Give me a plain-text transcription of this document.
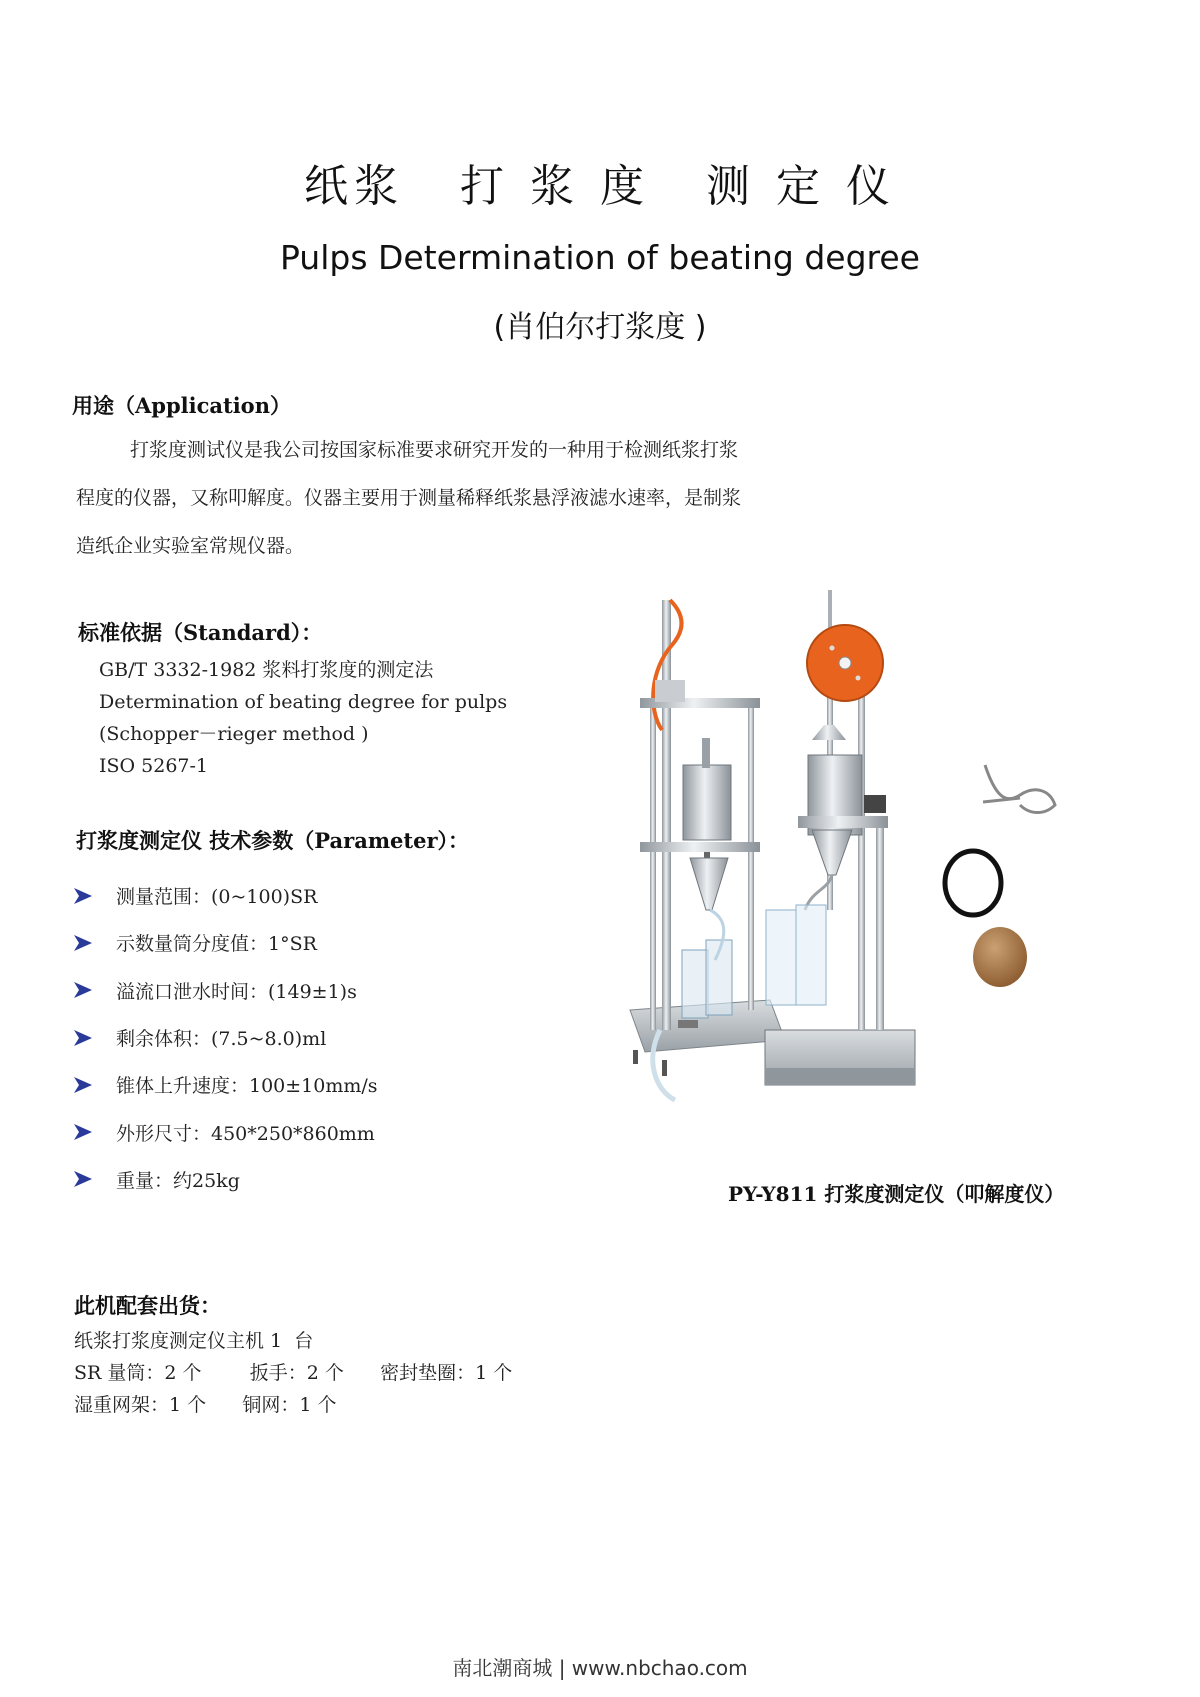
纸浆 打 浆 度 测 定 仪
Pulps Determination of beating degree
(肖伯尔打浆度 )
用途（Application）
打浆度测试仪是我公司按国家标准要求研究开发的一种用于检测纸浆打浆
程度的仪器，又称叩解度。仪器主要用于测量稀释纸浆悬浮液滤水速率，是制浆
造纸企业实验室常规仪器。
标准依据（Standard）：
GB/T 3332-1982 浆料打浆度的测定法
Determination of beating degree for pulps
(Schopper－rieger method )
ISO 5267-1
打浆度测定仪 技术参数（Parameter）：
测量范围：(0~100)SR
示数量筒分度值：1°SR
溢流口泄水时间：(149±1)s
剩余体积：(7.5~8.0)ml
锥体上升速度：100±10mm/s
外形尺寸：450*250*860mm
重量：约25kg
PY-Y811 打浆度测定仪（叩解度仪）
此机配套出货：
纸浆打浆度测定仪主机 1  台
SR 量筒：2 个        扳手：2 个      密封垫圈：1 个
湿重网架：1 个      铜网：1 个
南北潮商城 | www.nbchao.com
